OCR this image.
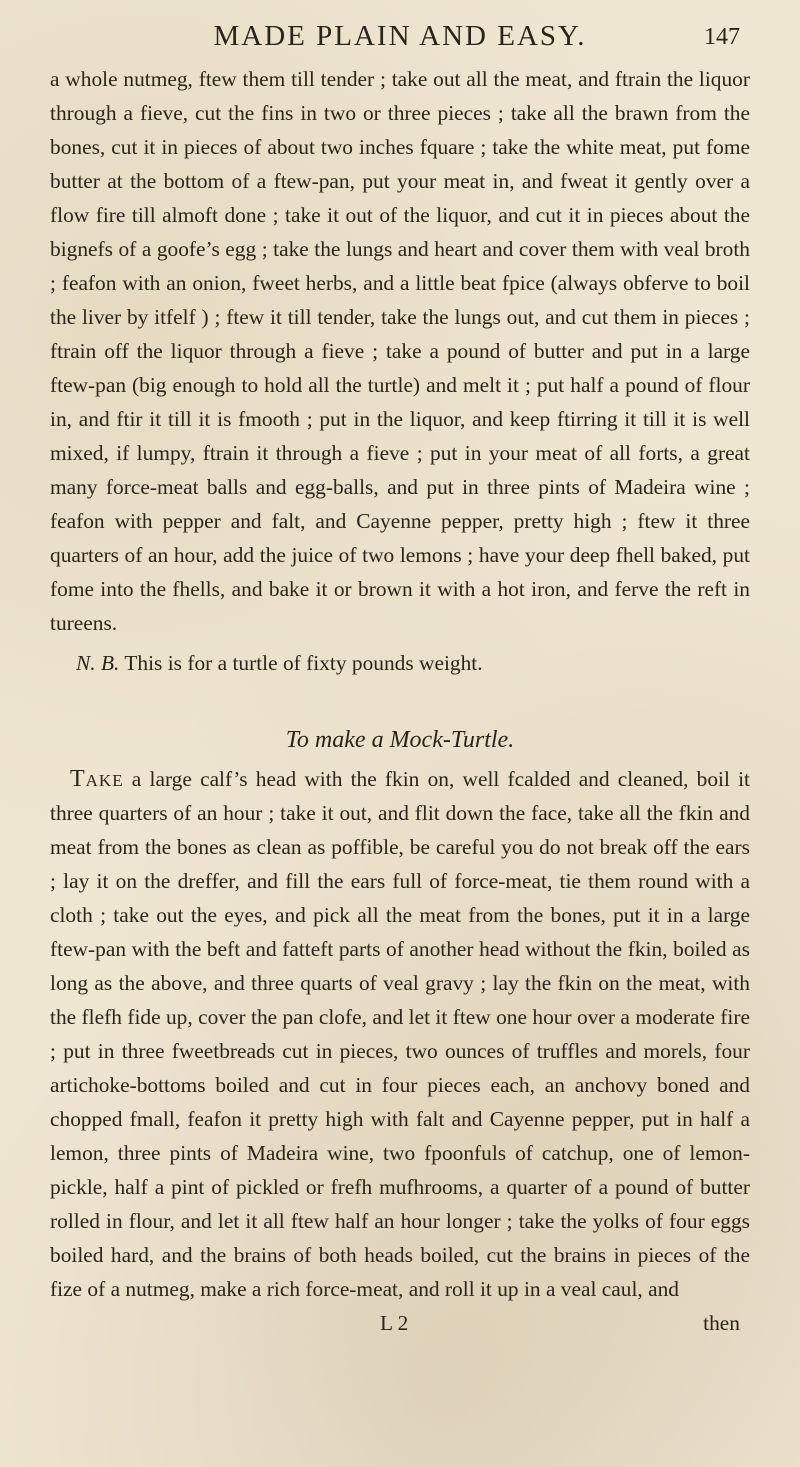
MADE PLAIN AND EASY.	147

a whole nutmeg, ftew them till tender ; take out all the meat, and ftrain the liquor through a fieve, cut the fins in two or three pieces ; take all the brawn from the bones, cut it in pieces of about two inches fquare ; take the white meat, put fome butter at the bottom of a ftew-pan, put your meat in, and fweat it gently over a flow fire till almoft done ; take it out of the liquor, and cut it in pieces about the bignefs of a goofe’s egg ; take the lungs and heart and cover them with veal broth ; feafon with an onion, fweet herbs, and a little beat fpice (always obferve to boil the liver by itfelf ) ; ftew it till tender, take the lungs out, and cut them in pieces ; ftrain off the liquor through a fieve ; take a pound of butter and put in a large ftew-pan (big enough to hold all the turtle) and melt it ; put half a pound of flour in, and ftir it till it is fmooth ; put in the liquor, and keep ftirring it till it is well mixed, if lumpy, ftrain it through a fieve ; put in your meat of all forts, a great many force-meat balls and egg-balls, and put in three pints of Madeira wine ; feafon with pepper and falt, and Cayenne pepper, pretty high ; ftew it three quarters of an hour, add the juice of two lemons ; have your deep fhell baked, put fome into the fhells, and bake it or brown it with a hot iron, and ferve the reft in tureens.

N. B. This is for a turtle of fixty pounds weight.

To make a Mock-Turtle.

Take a large calf’s head with the fkin on, well fcalded and cleaned, boil it three quarters of an hour ; take it out, and flit down the face, take all the fkin and meat from the bones as clean as poffible, be careful you do not break off the ears ; lay it on the dreffer, and fill the ears full of force-meat, tie them round with a cloth ; take out the eyes, and pick all the meat from the bones, put it in a large ftew-pan with the beft and fatteft parts of another head without the fkin, boiled as long as the above, and three quarts of veal gravy ; lay the fkin on the meat, with the flefh fide up, cover the pan clofe, and let it ftew one hour over a moderate fire ; put in three fweetbreads cut in pieces, two ounces of truffles and morels, four artichoke-bottoms boiled and cut in four pieces each, an anchovy boned and chopped fmall, feafon it pretty high with falt and Cayenne pepper, put in half a lemon, three pints of Madeira wine, two fpoonfuls of catchup, one of lemon-pickle, half a pint of pickled or frefh mufhrooms, a quarter of a pound of butter rolled in flour, and let it all ftew half an hour longer ; take the yolks of four eggs boiled hard, and the brains of both heads boiled, cut the brains in pieces of the fize of a nutmeg, make a rich force-meat, and roll it up in a veal caul, and

L 2	then
